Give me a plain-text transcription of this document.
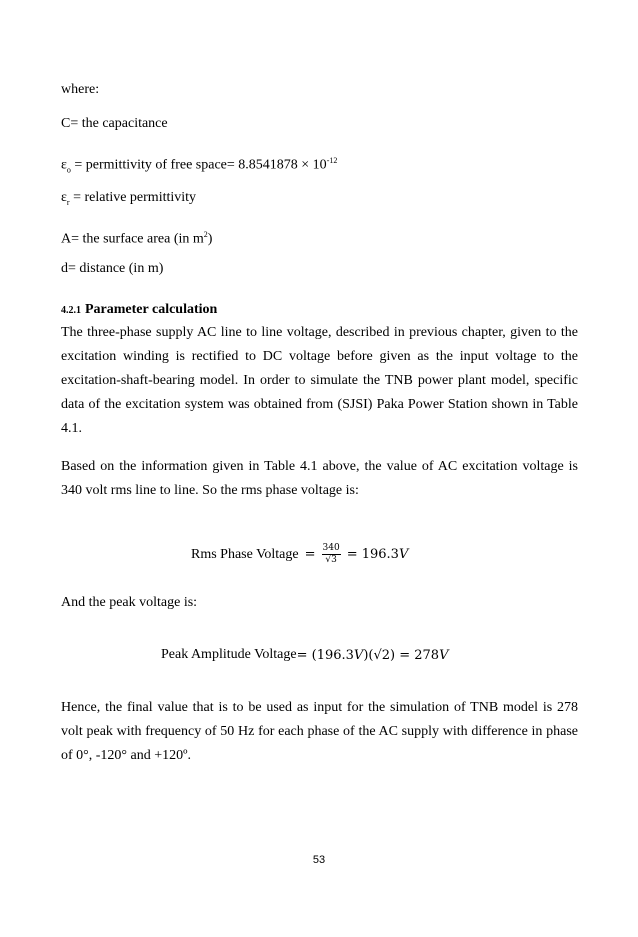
where:
C= the capacitance
$\varepsilon_o$ = permittivity of free space= $8.8541878 \times 10^{-12}$
$\varepsilon_r$ = relative permittivity
A= the surface area (in $m^2$)
d= distance (in m)
4.2.1 Parameter calculation

The three-phase supply AC line to line voltage, described in previous chapter, given to the excitation winding is rectified to DC voltage before given as the input voltage to the excitation-shaft-bearing model. In order to simulate the TNB power plant model, specific data of the excitation system was obtained from (SJSI) Paka Power Station shown in Table 4.1.

Based on the information given in Table 4.1 above, the value of AC excitation voltage is 340 volt rms line to line. So the rms phase voltage is:

Rms Phase Voltage = $\frac{340}{√3} = 196.3$ V

And the peak voltage is:

Peak Amplitude Voltage = (196.3 V )(√2) = 278 V

Hence, the final value that is to be used as input for the simulation of TNB model is 278 volt peak with frequency of 50 Hz for each phase of the AC supply with difference in phase of 0°, -120° and +120º.

53
